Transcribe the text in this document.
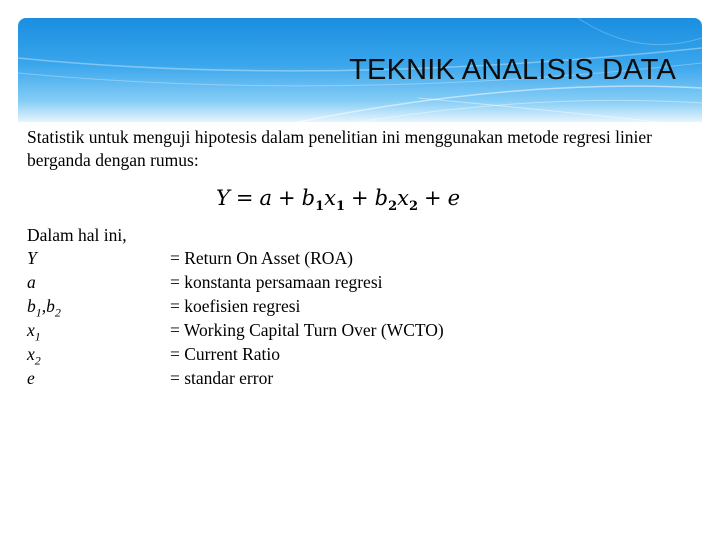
TEKNIK ANALISIS DATA
Statistik untuk menguji hipotesis dalam penelitian ini menggunakan metode regresi linier berganda dengan rumus:
$Y = a + b_1x_1 + b_2x_2 + e$
Dalam hal ini,
Y	= Return On Asset (ROA)
a	= konstanta persamaan regresi
$b_1,b_2$	= koefisien regresi
$x_1$	= Working Capital Turn Over (WCTO)
$x_2$	= Current Ratio
e	= standar error
